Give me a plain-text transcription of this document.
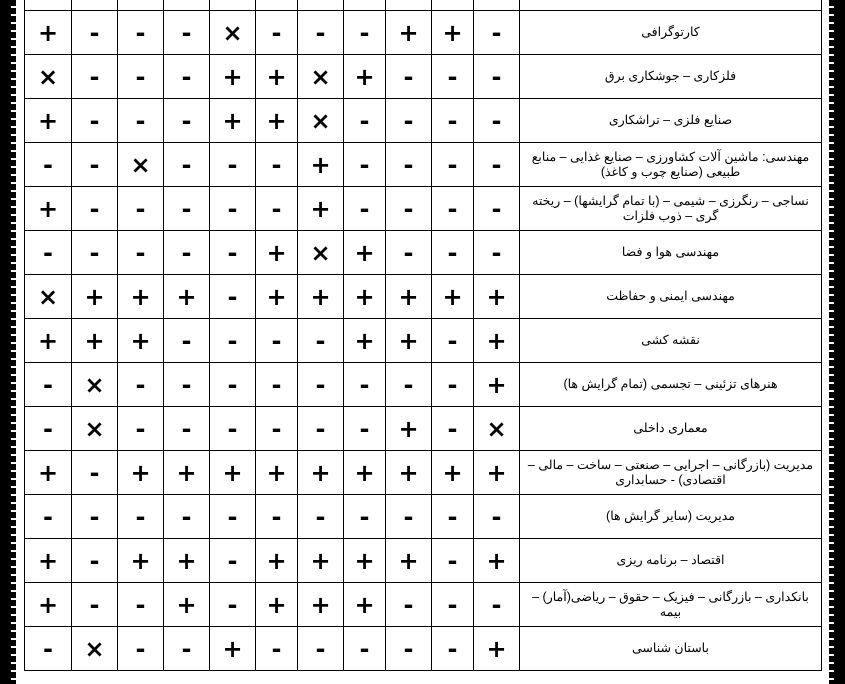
+	-	-	-	×	-	-	-	+	+	-	کارتوگرافی
×	-	-	-	+	+	×	+	-	-	-	فلزکاری – جوشکاری برق
+	-	-	-	+	+	×	-	-	-	-	صنایع فلزی – تراشکاری
-	-	×	-	-	-	+	-	-	-	-	مهندسی: ماشین آلات کشاورزی – صنایع غذایی – منابع طبیعی (صنایع چوب و کاغذ)
+	-	-	-	-	-	+	-	-	-	-	نساجی – رنگرزی – شیمی – (با تمام گرایشها) – ریخته گری – ذوب فلزات
-	-	-	-	-	+	×	+	-	-	-	مهندسی هوا و فضا
×	+	+	+	-	+	+	+	+	+	+	مهندسی ایمنی و حفاظت
+	+	+	-	-	-	-	+	+	-	+	نقشه کشی
-	×	-	-	-	-	-	-	-	-	+	هنرهای تزئینی – تجسمی (تمام گرایش ها)
-	×	-	-	-	-	-	-	+	-	×	معماری داخلی
+	-	+	+	+	+	+	+	+	+	+	مدیریت (بازرگانی – اجرایی – صنعتی – ساخت – مالی – اقتصادی) - حسابداری
-	-	-	-	-	-	-	-	-	-	-	مدیریت (سایر گرایش ها)
+	-	+	+	-	+	+	+	+	-	+	اقتصاد – برنامه ریزی
+	-	-	+	-	+	+	+	-	-	-	بانکداری – بازرگانی – فیزیک – حقوق – ریاضی(آمار) – بیمه
-	×	-	-	+	-	-	-	-	-	+	باستان شناسی
